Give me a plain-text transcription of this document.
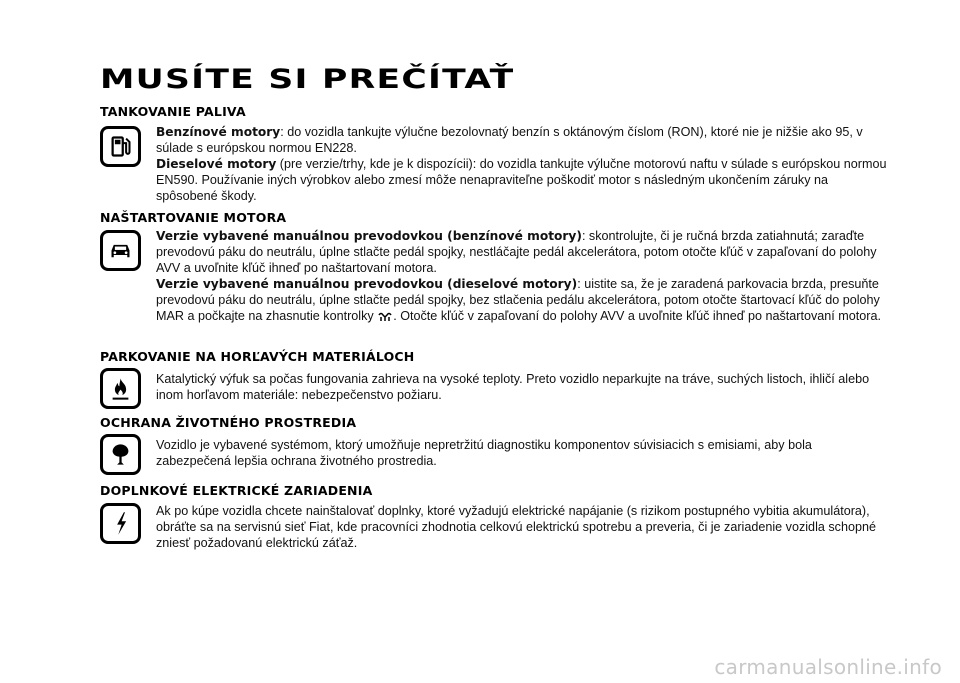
MUSÍTE SI PREČÍTAŤ
TANKOVANIE PALIVA

Benzínové motory: do vozidla tankujte výlučne bezolovnatý benzín s oktánovým číslom (RON), ktoré nie je nižšie ako 95, v súlade s európskou normou EN228.

Dieselové motory (pre verzie/trhy, kde je k dispozícii): do vozidla tankujte výlučne motorovú naftu v súlade s európskou normou EN590. Používanie iných výrobkov alebo zmesí môže nenapraviteľne poškodiť motor s následným ukončením záruky na spôsobené škody.

NAŠTARTOVANIE MOTORA

Verzie vybavené manuálnou prevodovkou (benzínové motory): skontrolujte, či je ručná brzda zatiahnutá; zaraďte prevodovú páku do neutrálu, úplne stlačte pedál spojky, nestláčajte pedál akcelerátora, potom otočte kľúč v zapaľovaní do polohy AVV a uvoľnite kľúč ihneď po naštartovaní motora.

Verzie vybavené manuálnou prevodovkou (dieselové motory): uistite sa, že je zaradená parkovacia brzda, presuňte prevodovú páku do neutrálu, úplne stlačte pedál spojky, bez stlačenia pedálu akcelerátora, potom otočte štartovací kľúč do polohy MAR a počkajte na zhasnutie kontrolky . Otočte kľúč v zapaľovaní do polohy AVV a uvoľnite kľúč ihneď po naštartovaní motora.

PARKOVANIE NA HORĽAVÝCH MATERIÁLOCH

Katalytický výfuk sa počas fungovania zahrieva na vysoké teploty. Preto vozidlo neparkujte na tráve, suchých listoch, ihličí alebo inom horľavom materiále: nebezpečenstvo požiaru.

OCHRANA ŽIVOTNÉHO PROSTREDIA

Vozidlo je vybavené systémom, ktorý umožňuje nepretržitú diagnostiku komponentov súvisiacich s emisiami, aby bola zabezpečená lepšia ochrana životného prostredia.

DOPLNKOVÉ ELEKTRICKÉ ZARIADENIA

Ak po kúpe vozidla chcete nainštalovať doplnky, ktoré vyžadujú elektrické napájanie (s rizikom postupného vybitia akumulátora), obráťte sa na servisnú sieť Fiat, kde pracovníci zhodnotia celkovú elektrickú spotrebu a preveria, či je zariadenie vozidla schopné zniesť požadovanú elektrickú záťaž.

carmanualsonline.info
